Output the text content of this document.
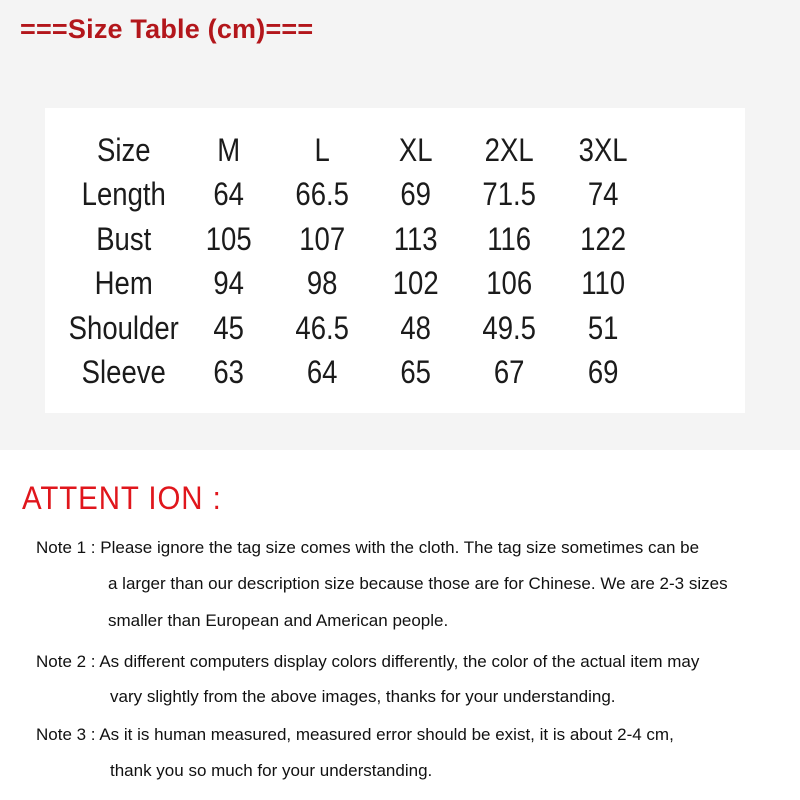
===Size Table (cm)===
Size	M	L	XL	2XL	3XL
Length	64	66.5	69	71.5	74
Bust	105	107	113	116	122
Hem	94	98	102	106	110
Shoulder	45	46.5	48	49.5	51
Sleeve	63	64	65	67	69
ATTENT ION :
Note 1 : Please ignore the tag size comes with the cloth. The tag size sometimes can be
a larger than our description size because those are for Chinese. We are 2-3 sizes
smaller than European and American people.
Note 2 : As different computers display colors differently, the color of the actual item may
vary slightly from the above images, thanks for your understanding.
Note 3 : As it is human measured, measured error should be exist, it is about 2-4 cm,
thank you so much for your understanding.
